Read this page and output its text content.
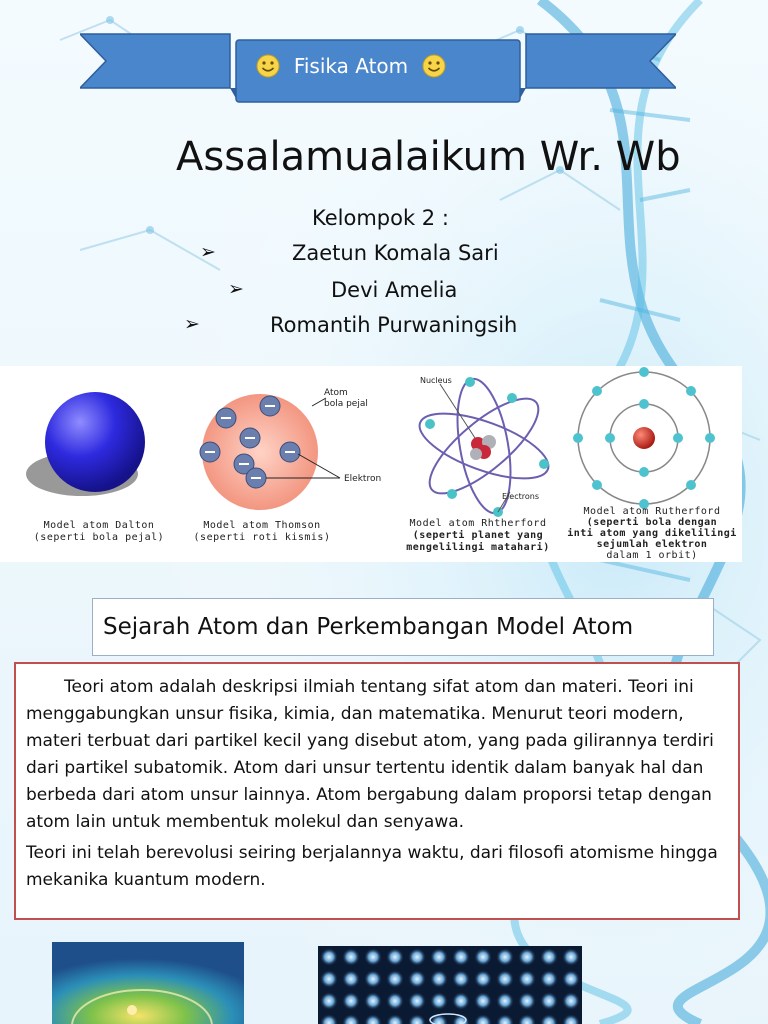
Fisika Atom
Assalamualaikum Wr. Wb
Kelompok 2 :
➢	Zaetun Komala Sari
➢	Devi Amelia
➢	Romantih Purwaningsih
Atom
bola pejal
Elektron
Nucleus
Electrons
Model atom Dalton
(seperti bola pejal)
Model atom Thomson
(seperti roti kismis)
Model atom Rhtherford
(seperti planet yang
mengelilingi matahari)
Model atom Rutherford
(seperti bola dengan
inti atom yang dikelilingi
sejumlah elektron
dalam 1 orbit)
Sejarah Atom dan Perkembangan Model Atom

Teori atom adalah deskripsi ilmiah tentang sifat atom dan materi. Teori ini menggabungkan unsur fisika, kimia, dan matematika. Menurut teori modern, materi terbuat dari partikel kecil yang disebut atom, yang pada gilirannya terdiri dari partikel subatomik. Atom dari unsur tertentu identik dalam banyak hal dan berbeda dari atom unsur lainnya. Atom bergabung dalam proporsi tetap dengan atom lain untuk membentuk molekul dan senyawa.

Teori ini telah berevolusi seiring berjalannya waktu, dari filosofi atomisme hingga mekanika kuantum modern.
